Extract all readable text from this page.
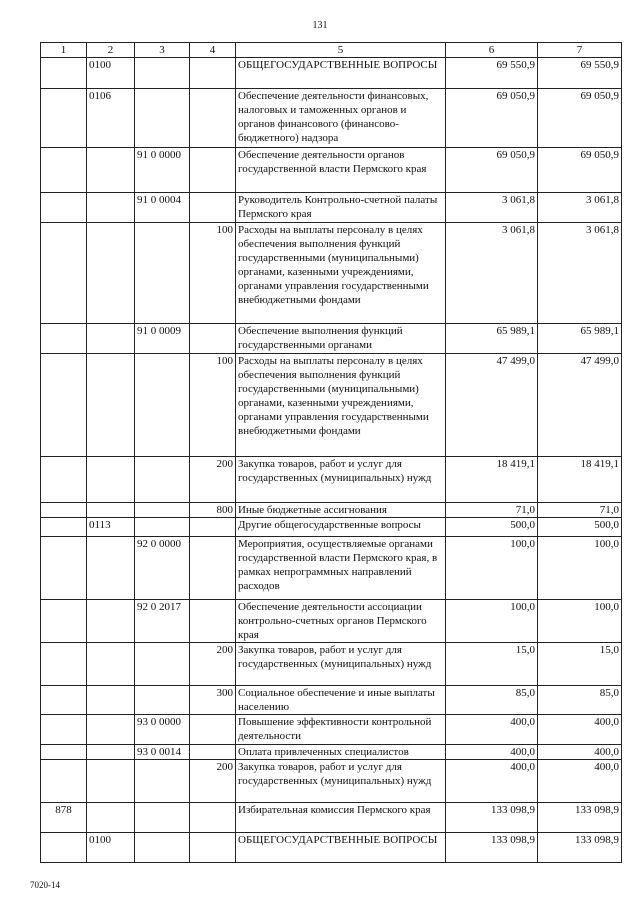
131
1	2	3	4	5	6	7
	0100			ОБЩЕГОСУДАРСТВЕННЫЕ ВОПРОСЫ	69 550,9	69 550,9
	0106			Обеспечение деятельности финансовых, налоговых и таможенных органов и органов финансового (финансово-бюджетного) надзора	69 050,9	69 050,9
		91 0 0000		Обеспечение деятельности органов государственной власти Пермского края	69 050,9	69 050,9
		91 0 0004		Руководитель Контрольно-счетной палаты Пермского края	3 061,8	3 061,8
			100	Расходы на выплаты персоналу в целях обеспечения выполнения функций государственными (муниципальными) органами, казенными учреждениями, органами управления государственными внебюджетными фондами	3 061,8	3 061,8
		91 0 0009		Обеспечение выполнения функций государственными органами	65 989,1	65 989,1
			100	Расходы на выплаты персоналу в целях обеспечения выполнения функций государственными (муниципальными) органами, казенными учреждениями, органами управления государственными внебюджетными фондами	47 499,0	47 499,0
			200	Закупка товаров, работ и услуг для государственных (муниципальных) нужд	18 419,1	18 419,1
			800	Иные бюджетные ассигнования	71,0	71,0
	0113			Другие общегосударственные вопросы	500,0	500,0
		92 0 0000		Мероприятия, осуществляемые органами государственной власти Пермского края, в рамках непрограммных направлений расходов	100,0	100,0
		92 0 2017		Обеспечение деятельности ассоциации контрольно-счетных органов Пермского края	100,0	100,0
			200	Закупка товаров, работ и услуг для государственных (муниципальных) нужд	15,0	15,0
			300	Социальное обеспечение и иные выплаты населению	85,0	85,0
		93 0 0000		Повышение эффективности контрольной деятельности	400,0	400,0
		93 0 0014		Оплата привлеченных специалистов	400,0	400,0
			200	Закупка товаров, работ и услуг для государственных (муниципальных) нужд	400,0	400,0
878				Избирательная комиссия Пермского края	133 098,9	133 098,9
	0100			ОБЩЕГОСУДАРСТВЕННЫЕ ВОПРОСЫ	133 098,9	133 098,9
7020-14
